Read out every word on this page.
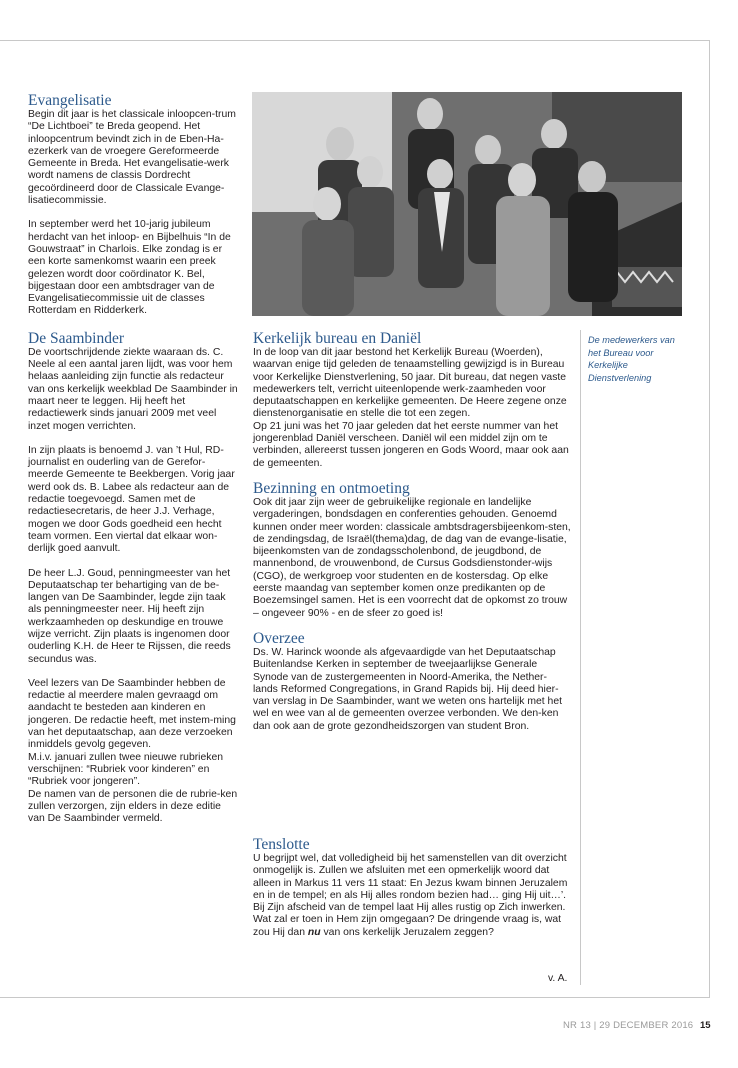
Evangelisatie

Begin dit jaar is het classicale inloopcen-trum “De Lichtboei” te Breda geopend. Het inloopcentrum bevindt zich in de Eben-Ha-ezerkerk van de vroegere Gereformeerde Gemeente in Breda. Het evangelisatie-werk wordt namens de classis Dordrecht gecoördineerd door de Classicale Evange-lisatiecommissie.

In september werd het 10-jarig jubileum herdacht van het inloop- en Bijbelhuis “In de Gouwstraat” in Charlois. Elke zondag is er een korte samenkomst waarin een preek gelezen wordt door coördinator K. Bel, bijgestaan door een ambtsdrager van de Evangelisatiecommissie uit de classes Rotterdam en Ridderkerk.

De Saambinder

De voortschrijdende ziekte waaraan ds. C. Neele al een aantal jaren lijdt, was voor hem helaas aanleiding zijn functie als redacteur van ons kerkelijk weekblad De Saambinder in maart neer te leggen. Hij heeft het redactiewerk sinds januari 2009 met veel inzet mogen verrichten.

In zijn plaats is benoemd J. van ’t Hul, RD-journalist en ouderling van de Gerefor-meerde Gemeente te Beekbergen. Vorig jaar werd ook ds. B. Labee als redacteur aan de redactie toegevoegd. Samen met de redactiesecretaris, de heer J.J. Verhage, mogen we door Gods goedheid een hecht team vormen. Een viertal dat elkaar won-derlijk goed aanvult.

De heer L.J. Goud, penningmeester van het Deputaatschap ter behartiging van de be-langen van De Saambinder, legde zijn taak als penningmeester neer. Hij heeft zijn werkzaamheden op deskundige en trouwe wijze verricht. Zijn plaats is ingenomen door ouderling K.H. de Heer te Rijssen, die reeds secundus was.

Veel lezers van De Saambinder hebben de redactie al meerdere malen gevraagd om aandacht te besteden aan kinderen en jongeren. De redactie heeft, met instem-ming van het deputaatschap, aan deze verzoeken inmiddels gevolg gegeven.

M.i.v. januari zullen twee nieuwe rubrieken verschijnen: “Rubriek voor kinderen” en “Rubriek voor jongeren”.

De namen van de personen die de rubrie-ken zullen verzorgen, zijn elders in deze editie van De Saambinder vermeld.

Kerkelijk bureau en Daniël

In de loop van dit jaar bestond het Kerkelijk Bureau (Woerden), waarvan enige tijd geleden de tenaamstelling gewijzigd is in Bureau voor Kerkelijke Dienstverlening, 50 jaar. Dit bureau, dat negen vaste medewerkers telt, verricht uiteenlopende werk-zaamheden voor deputaatschappen en kerkelijke gemeenten. De Heere zegene onze dienstenorganisatie en stelle die tot een zegen.

Op 21 juni was het 70 jaar geleden dat het eerste nummer van het jongerenblad Daniël verscheen. Daniël wil een middel zijn om te verbinden, allereerst tussen jongeren en Gods Woord, maar ook aan de gemeenten.

Bezinning en ontmoeting

Ook dit jaar zijn weer de gebruikelijke regionale en landelijke vergaderingen, bondsdagen en conferenties gehouden. Genoemd kunnen onder meer worden: classicale ambtsdragersbijeenkom-sten, de zendingsdag, de Israël(thema)dag, de dag van de evange-lisatie, bijeenkomsten van de zondagsscholenbond, de jeugdbond, de mannenbond, de vrouwenbond, de Cursus Godsdienstonder-wijs (CGO), de werkgroep voor studenten en de kostersdag. Op elke eerste maandag van september komen onze predikanten op de Boezemsingel samen. Het is een voorrecht dat de opkomst zo trouw – ongeveer 90% - en de sfeer zo goed is!

Overzee

Ds. W. Harinck woonde als afgevaardigde van het Deputaatschap Buitenlandse Kerken in september de tweejaarlijkse Generale Synode van de zustergemeenten in Noord-Amerika, the Nether-lands Reformed Congregations, in Grand Rapids bij. Hij deed hier-van verslag in De Saambinder, want we weten ons hartelijk met het wel en wee van al de gemeenten overzee verbonden. We den-ken dan ook aan de grote gezondheidszorgen van student Bron.

Tenslotte

U begrijpt wel, dat volledigheid bij het samenstellen van dit overzicht onmogelijk is. Zullen we afsluiten met een opmerkelijk woord dat alleen in Markus 11 vers 11 staat: En Jezus kwam binnen Jeruzalem en in de tempel; en als Hij alles rondom bezien had… ging Hij uit…’. Bij Zijn afscheid van de tempel laat Hij alles rustig op Zich inwerken. Wat zal er toen in Hem zijn omgegaan? De dringende vraag is, wat zou Hij dan nu van ons kerkelijk Jeruzalem zeggen?

v. A.
De medewerkers van het Bureau voor Kerkelijke Dienstverlening
NR 13 | 29 DECEMBER 2016 15
